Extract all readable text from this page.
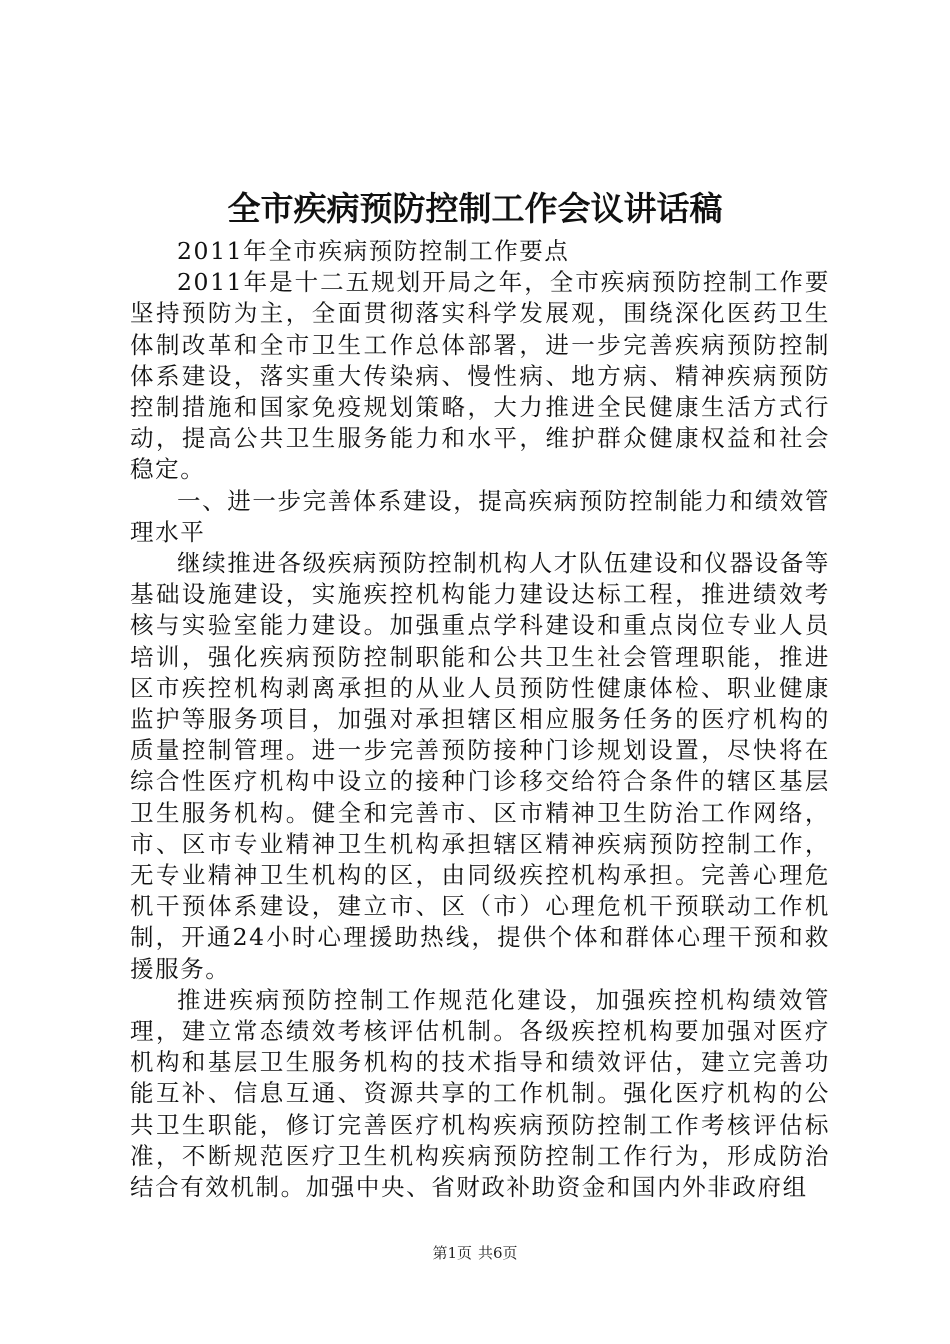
全市疾病预防控制工作会议讲话稿

2011年全市疾病预防控制工作要点

2011年是十二五规划开局之年，全市疾病预防控制工作要坚持预防为主，全面贯彻落实科学发展观，围绕深化医药卫生体制改革和全市卫生工作总体部署，进一步完善疾病预防控制体系建设，落实重大传染病、慢性病、地方病、精神疾病预防控制措施和国家免疫规划策略，大力推进全民健康生活方式行动，提高公共卫生服务能力和水平，维护群众健康权益和社会稳定。

一、进一步完善体系建设，提高疾病预防控制能力和绩效管理水平

继续推进各级疾病预防控制机构人才队伍建设和仪器设备等基础设施建设，实施疾控机构能力建设达标工程，推进绩效考核与实验室能力建设。加强重点学科建设和重点岗位专业人员培训，强化疾病预防控制职能和公共卫生社会管理职能，推进区市疾控机构剥离承担的从业人员预防性健康体检、职业健康监护等服务项目，加强对承担辖区相应服务任务的医疗机构的质量控制管理。进一步完善预防接种门诊规划设置，尽快将在综合性医疗机构中设立的接种门诊移交给符合条件的辖区基层卫生服务机构。健全和完善市、区市精神卫生防治工作网络，市、区市专业精神卫生机构承担辖区精神疾病预防控制工作，无专业精神卫生机构的区，由同级疾控机构承担。完善心理危机干预体系建设，建立市、区（市）心理危机干预联动工作机制，开通24小时心理援助热线，提供个体和群体心理干预和救援服务。

推进疾病预防控制工作规范化建设，加强疾控机构绩效管理，建立常态绩效考核评估机制。各级疾控机构要加强对医疗机构和基层卫生服务机构的技术指导和绩效评估，建立完善功能互补、信息互通、资源共享的工作机制。强化医疗机构的公共卫生职能，修订完善医疗机构疾病预防控制工作考核评估标准，不断规范医疗卫生机构疾病预防控制工作行为，形成防治结合有效机制。加强中央、省财政补助资金和国内外非政府组

第1页 共6页
